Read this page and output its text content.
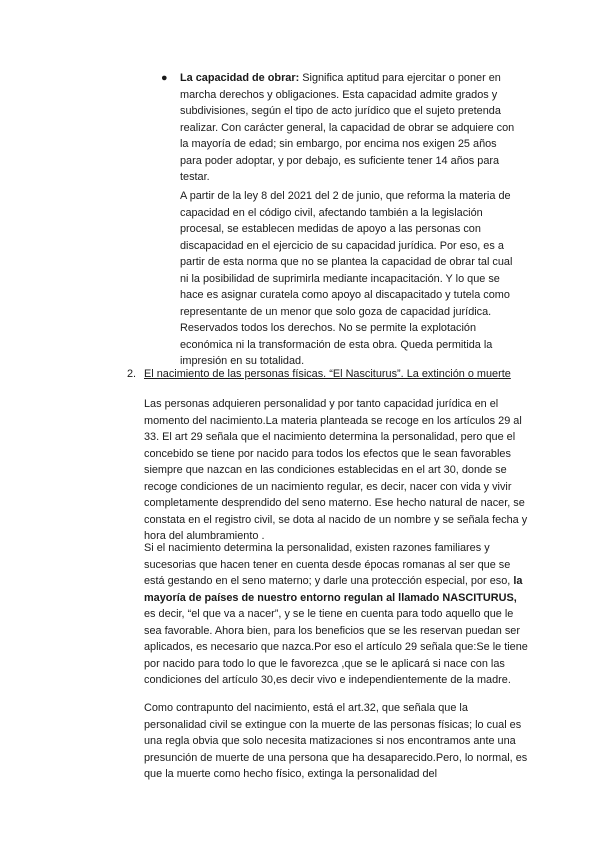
● La capacidad de obrar: Significa aptitud para ejercitar o poner en marcha derechos y obligaciones. Esta capacidad admite grados y subdivisiones, según el tipo de acto jurídico que el sujeto pretenda realizar. Con carácter general, la capacidad de obrar se adquiere con la mayoría de edad; sin embargo, por encima nos exigen 25 años para poder adoptar, y por debajo, es suficiente tener 14 años para testar.
A partir de la ley 8 del 2021 del 2 de junio, que reforma la materia de capacidad en el código civil, afectando también a la legislación procesal, se establecen medidas de apoyo a las personas con discapacidad en el ejercicio de su capacidad jurídica. Por eso, es a partir de esta norma que no se plantea la capacidad de obrar tal cual ni la posibilidad de suprimirla mediante incapacitación. Y lo que se hace es asignar curatela como apoyo al discapacitado y tutela como representante de un menor que solo goza de capacidad jurídica. Reservados todos los derechos. No se permite la explotación económica ni la transformación de esta obra. Queda permitida la impresión en su totalidad.
2. El nacimiento de las personas físicas. “El Nasciturus”. La extinción o muerte
Las personas adquieren personalidad y por tanto capacidad jurídica en el momento del nacimiento.La materia planteada se recoge en los artículos 29 al 33. El art 29 señala que el nacimiento determina la personalidad, pero que el concebido se tiene por nacido para todos los efectos que le sean favorables siempre que nazcan en las condiciones establecidas en el art 30, donde se recoge condiciones de un nacimiento regular, es decir, nacer con vida y vivir completamente desprendido del seno materno. Ese hecho natural de nacer, se constata en el registro civil, se dota al nacido de un nombre y se señala fecha y hora del alumbramiento .
Si el nacimiento determina la personalidad, existen razones familiares y sucesorias que hacen tener en cuenta desde épocas romanas al ser que se está gestando en el seno materno; y darle una protección especial, por eso, la mayoría de países de nuestro entorno regulan al llamado NASCITURUS, es decir, “el que va a nacer”, y se le tiene en cuenta para todo aquello que le sea favorable. Ahora bien, para los beneficios que se les reservan puedan ser aplicados, es necesario que nazca.Por eso el artículo 29 señala que:Se le tiene por nacido para todo lo que le favorezca ,que se le aplicará si nace con las condiciones del artículo 30,es decir vivo e independientemente de la madre.
Como contrapunto del nacimiento, está el art.32, que señala que la personalidad civil se extingue con la muerte de las personas físicas; lo cual es una regla obvia que solo necesita matizaciones si nos encontramos ante una presunción de muerte de una persona que ha desaparecido.Pero, lo normal, es que la muerte como hecho físico, extinga la personalidad del
